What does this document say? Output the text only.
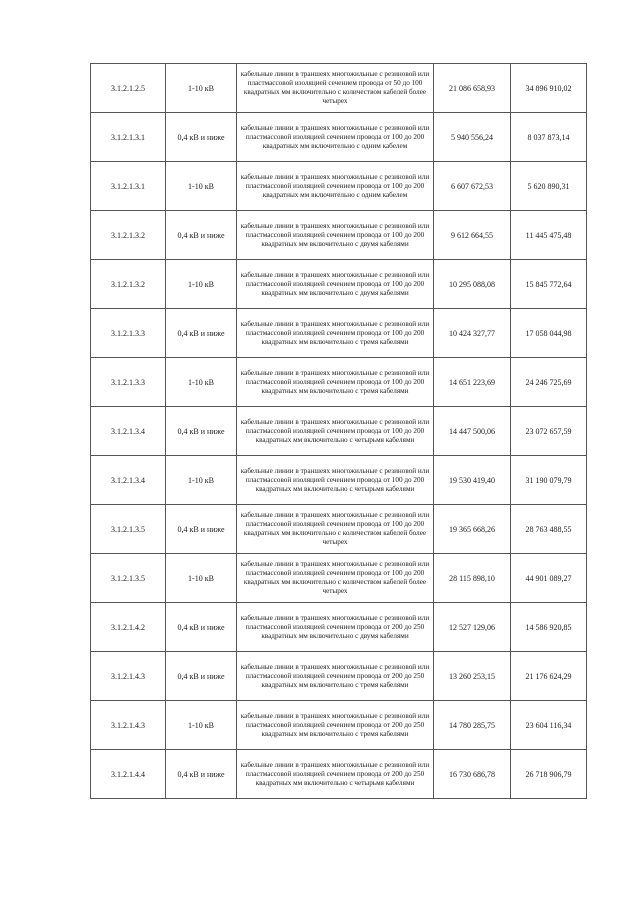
3.1.2.1.2.5	1-10 кВ	кабельные линии в траншеях многожильные с резиновой или пластмассовой изоляцией сечением провода от 50 до 100 квадратных мм включительно с количеством кабелей более четырех	21 086 658,93	34 896 910,02
3.1.2.1.3.1	0,4 кВ и ниже	кабельные линии в траншеях многожильные с резиновой или пластмассовой изоляцией сечением провода от 100 до 200 квадратных мм включительно с одним кабелем	5 940 556,24	8 037 873,14
3.1.2.1.3.1	1-10 кВ	кабельные линии в траншеях многожильные с резиновой или пластмассовой изоляцией сечением провода от 100 до 200 квадратных мм включительно с одним кабелем	6 607 672,53	5 620 890,31
3.1.2.1.3.2	0,4 кВ и ниже	кабельные линии в траншеях многожильные с резиновой или пластмассовой изоляцией сечением провода от 100 до 200 квадратных мм включительно с двумя кабелями	9 612 664,55	11 445 475,48
3.1.2.1.3.2	1-10 кВ	кабельные линии в траншеях многожильные с резиновой или пластмассовой изоляцией сечением провода от 100 до 200 квадратных мм включительно с двумя кабелями	10 295 088,08	15 845 772,64
3.1.2.1.3.3	0,4 кВ и ниже	кабельные линии в траншеях многожильные с резиновой или пластмассовой изоляцией сечением провода от 100 до 200 квадратных мм включительно с тремя кабелями	10 424 327,77	17 058 044,98
3.1.2.1.3.3	1-10 кВ	кабельные линии в траншеях многожильные с резиновой или пластмассовой изоляцией сечением провода от 100 до 200 квадратных мм включительно с тремя кабелями	14 651 223,69	24 246 725,69
3.1.2.1.3.4	0,4 кВ и ниже	кабельные линии в траншеях многожильные с резиновой или пластмассовой изоляцией сечением провода от 100 до 200 квадратных мм включительно с четырьмя кабелями	14 447 500,06	23 072 657,59
3.1.2.1.3.4	1-10 кВ	кабельные линии в траншеях многожильные с резиновой или пластмассовой изоляцией сечением провода от 100 до 200 квадратных мм включительно с четырьмя кабелями	19 530 419,40	31 190 079,79
3.1.2.1.3.5	0,4 кВ и ниже	кабельные линии в траншеях многожильные с резиновой или пластмассовой изоляцией сечением провода от 100 до 200 квадратных мм включительно с количеством кабелей более четырех	19 365 668,26	28 763 488,55
3.1.2.1.3.5	1-10 кВ	кабельные линии в траншеях многожильные с резиновой или пластмассовой изоляцией сечением провода от 100 до 200 квадратных мм включительно с количеством кабелей более четырех	28 115 898,10	44 901 089,27
3.1.2.1.4.2	0,4 кВ и ниже	кабельные линии в траншеях многожильные с резиновой или пластмассовой изоляцией сечением провода от 200 до 250 квадратных мм включительно с двумя кабелями	12 527 129,06	14 586 920,85
3.1.2.1.4.3	0,4 кВ и ниже	кабельные линии в траншеях многожильные с резиновой или пластмассовой изоляцией сечением провода от 200 до 250 квадратных мм включительно с тремя кабелями	13 260 253,15	21 176 624,29
3.1.2.1.4.3	1-10 кВ	кабельные линии в траншеях многожильные с резиновой или пластмассовой изоляцией сечением провода от 200 до 250 квадратных мм включительно с тремя кабелями	14 780 285,75	23 604 116,34
3.1.2.1.4.4	0,4 кВ и ниже	кабельные линии в траншеях многожильные с резиновой или пластмассовой изоляцией сечением провода от 200 до 250 квадратных мм включительно с четырьмя кабелями	16 730 686,78	26 718 906,79
